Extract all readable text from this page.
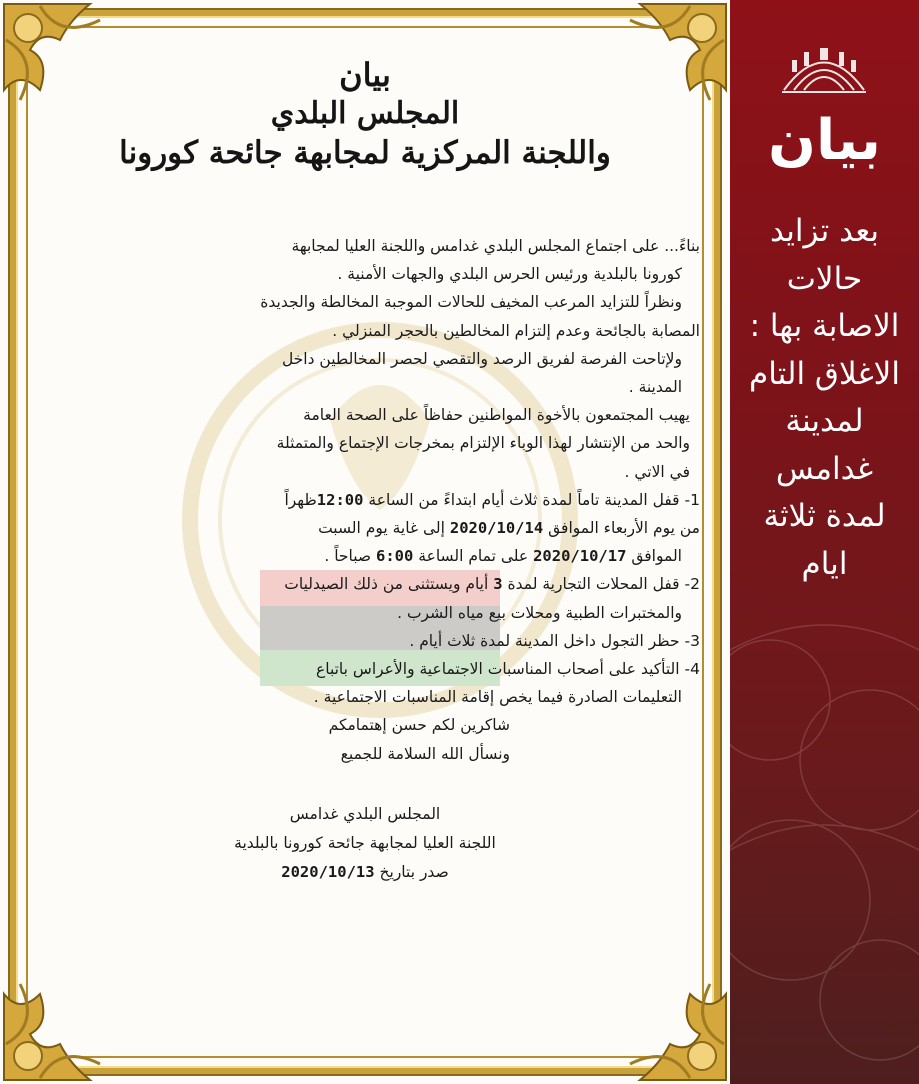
بيان
المجلس البلدي
واللجنة المركزية لمجابهة جائحة كورونا

بناءً... على اجتماع المجلس البلدي غدامس واللجنة العليا لمجابهة

كورونا بالبلدية ورئيس الحرس البلدي والجهات الأمنية .

ونظراً للتزايد المرعب المخيف للحالات الموجبة المخالطة والجديدة

المصابة بالجائحة وعدم إلتزام المخالطين بالحجر المنزلي .

ولإتاحت الفرصة لفريق الرصد والتقصي لحصر المخالطين داخل

المدينة .

يهيب المجتمعون بالأخوة المواطنين حفاظاً على الصحة العامة

والحد من الإنتشار لهذا الوباء الإلتزام بمخرجات الإجتماع والمتمثلة

في الاتي .

1- قفل المدينة تاماً لمدة ثلاث أيام ابتداءً من الساعة 12:00ظهراً

من يوم الأربعاء الموافق 2020/10/14 إلى غاية يوم السبت

الموافق 2020/10/17 على تمام الساعة 6:00 صباحاً .

2- قفل المحلات التجارية لمدة 3 أيام ويستثنى من ذلك الصيدليات

والمختبرات الطبية ومحلات بيع مياه الشرب .

3- حظر التجول داخل المدينة لمدة ثلاث أيام .

4- التأكيد على أصحاب المناسبات الاجتماعية والأعراس باتباع

التعليمات الصادرة فيما يخص إقامة المناسبات الاجتماعية .

شاكرين لكم حسن إهتمامكم

ونسأل الله السلامة للجميع

المجلس البلدي غدامس
اللجنة العليا لمجابهة جائحة كورونا بالبلدية
صدر بتاريخ 2020/10/13
بيان
بعد تزايد
حالات
الاصابة بها :
الاغلاق التام
لمدينة
غدامس
لمدة ثلاثة
ايام
